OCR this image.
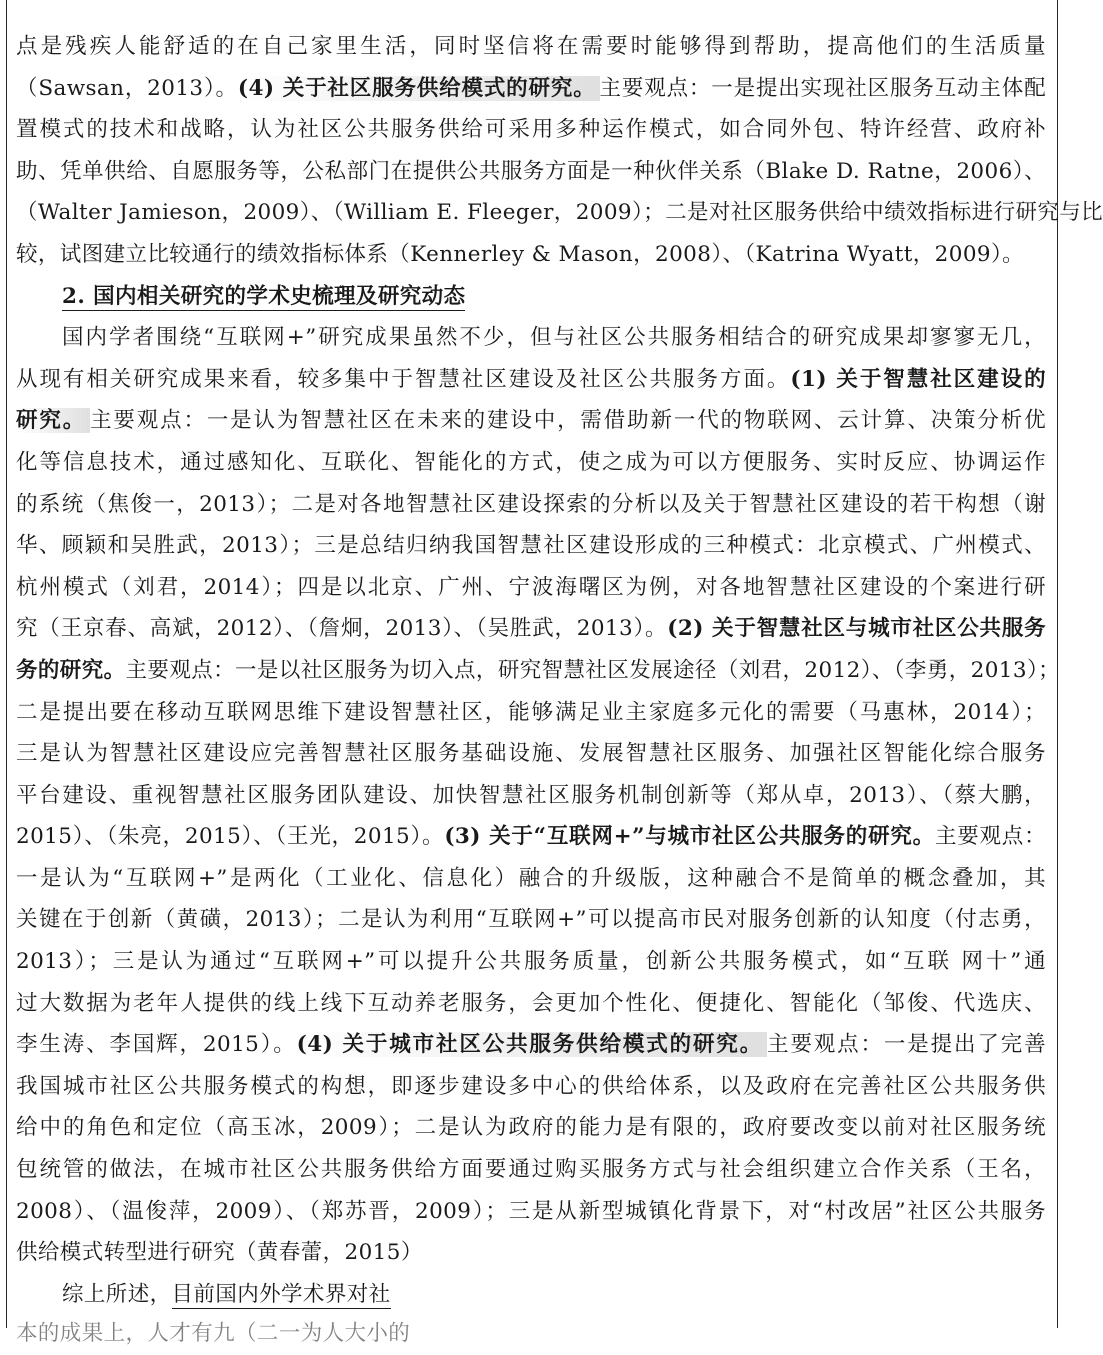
点是残疾人能舒适的在自己家里生活，同时坚信将在需要时能够得到帮助，提高他们的生活质量
（Sawsan，2013）。(4) 关于社区服务供给模式的研究。 主要观点：一是提出实现社区服务互动主体配
置模式的技术和战略，认为社区公共服务供给可采用多种运作模式，如合同外包、特许经营、政府补
助、凭单供给、自愿服务等，公私部门在提供公共服务方面是一种伙伴关系（Blake D. Ratne，2006）、
（Walter Jamieson，2009）、（William E. Fleeger，2009）；二是对社区服务供给中绩效指标进行研究与比
较，试图建立比较通行的绩效指标体系（Kennerley & Mason，2008）、（Katrina Wyatt，2009）。
2. 国内相关研究的学术史梳理及研究动态
国内学者围绕“互联网+”研究成果虽然不少，但与社区公共服务相结合的研究成果却寥寥无几，
从现有相关研究成果来看，较多集中于智慧社区建设及社区公共服务方面。(1) 关于智慧社区建设的
研究。 主要观点：一是认为智慧社区在未来的建设中，需借助新一代的物联网、云计算、决策分析优
化等信息技术，通过感知化、互联化、智能化的方式，使之成为可以方便服务、实时反应、协调运作
的系统（焦俊一，2013）；二是对各地智慧社区建设探索的分析以及关于智慧社区建设的若干构想（谢
华、顾颖和吴胜武，2013）；三是总结归纳我国智慧社区建设形成的三种模式：北京模式、广州模式、
杭州模式（刘君，2014）；四是以北京、广州、宁波海曙区为例，对各地智慧社区建设的个案进行研
究（王京春、高斌，2012）、（詹炯，2013）、（吴胜武，2013）。(2) 关于智慧社区与城市社区公共服务
务的研究。主要观点：一是以社区服务为切入点，研究智慧社区发展途径（刘君，2012）、（李勇，2013）；
二是提出要在移动互联网思维下建设智慧社区，能够满足业主家庭多元化的需要（马惠林，2014）；
三是认为智慧社区建设应完善智慧社区服务基础设施、发展智慧社区服务、加强社区智能化综合服务
平台建设、重视智慧社区服务团队建设、加快智慧社区服务机制创新等（郑从卓，2013）、（蔡大鹏，
2015）、（朱亮，2015）、（王光，2015）。(3) 关于“互联网+”与城市社区公共服务的研究。主要观点：
一是认为“互联网+”是两化（工业化、信息化）融合的升级版，这种融合不是简单的概念叠加，其
关键在于创新（黄磺，2013）；二是认为利用“互联网+”可以提高市民对服务创新的认知度（付志勇，
2013）；三是认为通过“互联网+”可以提升公共服务质量，创新公共服务模式，如“互联 网十”通
过大数据为老年人提供的线上线下互动养老服务，会更加个性化、便捷化、智能化（邹俊、代选庆、
李生涛、李国辉，2015）。(4) 关于城市社区公共服务供给模式的研究。 主要观点：一是提出了完善
我国城市社区公共服务模式的构想，即逐步建设多中心的供给体系，以及政府在完善社区公共服务供
给中的角色和定位（高玉冰，2009）；二是认为政府的能力是有限的，政府要改变以前对社区服务统
包统管的做法，在城市社区公共服务供给方面要通过购买服务方式与社会组织建立合作关系（王名，
2008）、（温俊萍，2009）、（郑苏晋，2009）；三是从新型城镇化背景下，对“村改居”社区公共服务
供给模式转型进行研究（黄春蕾，2015）
综上所述，目前国内外学术界对社
本的成果上，人才有九（二一为人大小的
